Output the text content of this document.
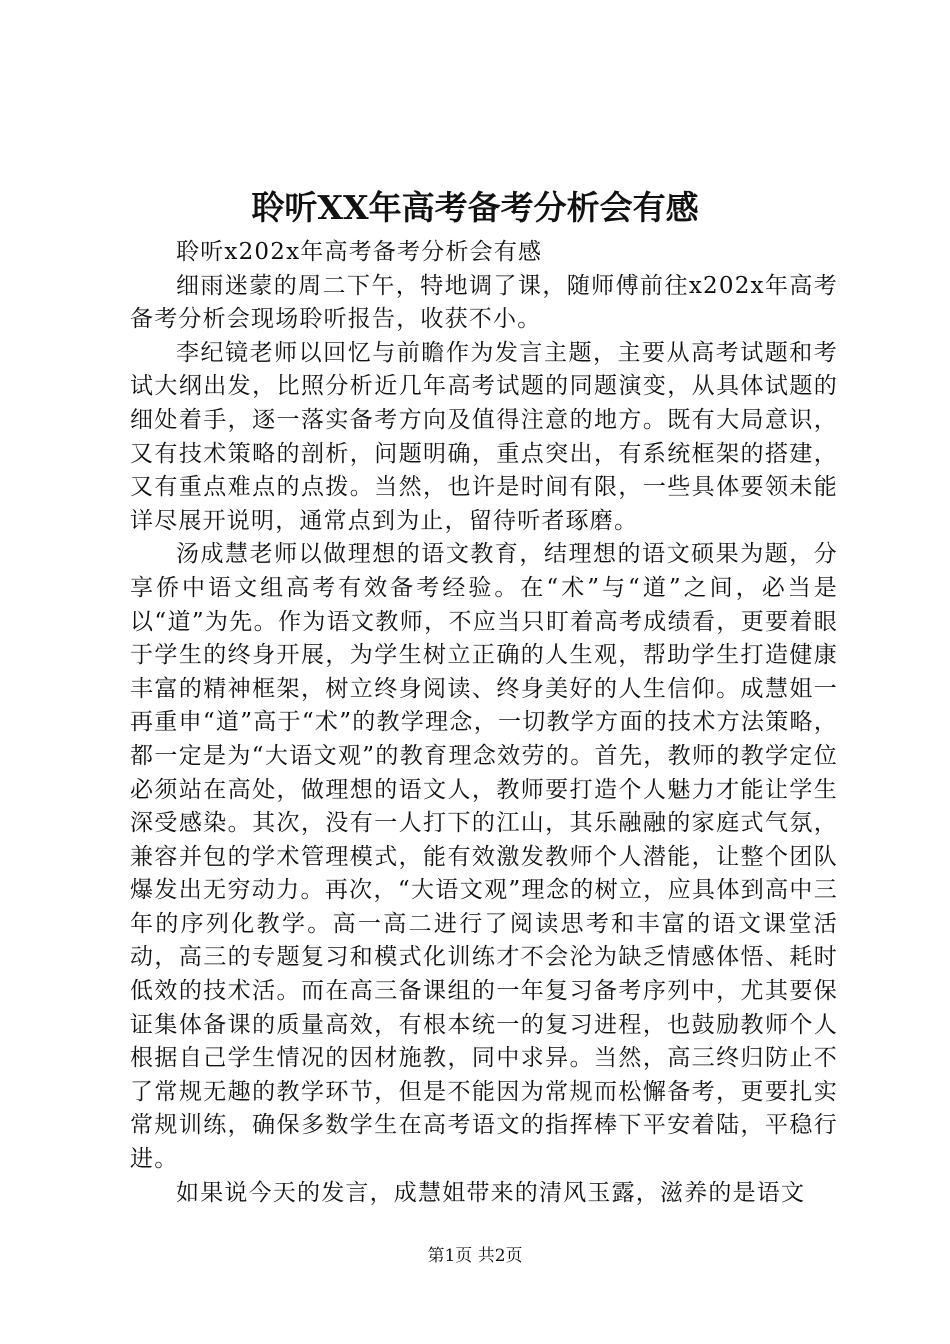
聆听XX年高考备考分析会有感

聆听x202x年高考备考分析会有感

细雨迷蒙的周二下午，特地调了课，随师傅前往x202x年高考备考分析会现场聆听报告，收获不小。

李纪镜老师以回忆与前瞻作为发言主题，主要从高考试题和考试大纲出发，比照分析近几年高考试题的同题演变，从具体试题的细处着手，逐一落实备考方向及值得注意的地方。既有大局意识，又有技术策略的剖析，问题明确，重点突出，有系统框架的搭建，又有重点难点的点拨。当然，也许是时间有限，一些具体要领未能详尽展开说明，通常点到为止，留待听者琢磨。

汤成慧老师以做理想的语文教育，结理想的语文硕果为题，分享侨中语文组高考有效备考经验。在“术”与“道”之间，必当是以“道”为先。作为语文教师，不应当只盯着高考成绩看，更要着眼于学生的终身开展，为学生树立正确的人生观，帮助学生打造健康丰富的精神框架，树立终身阅读、终身美好的人生信仰。成慧姐一再重申“道”高于“术”的教学理念，一切教学方面的技术方法策略，都一定是为“大语文观”的教育理念效劳的。首先，教师的教学定位必须站在高处，做理想的语文人，教师要打造个人魅力才能让学生深受感染。其次，没有一人打下的江山，其乐融融的家庭式气氛，兼容并包的学术管理模式，能有效激发教师个人潜能，让整个团队爆发出无穷动力。再次，“大语文观”理念的树立，应具体到高中三年的序列化教学。高一高二进行了阅读思考和丰富的语文课堂活动，高三的专题复习和模式化训练才不会沦为缺乏情感体悟、耗时低效的技术活。而在高三备课组的一年复习备考序列中，尤其要保证集体备课的质量高效，有根本统一的复习进程，也鼓励教师个人根据自己学生情况的因材施教，同中求异。当然，高三终归防止不了常规无趣的教学环节，但是不能因为常规而松懈备考，更要扎实常规训练，确保多数学生在高考语文的指挥棒下平安着陆，平稳行进。

如果说今天的发言，成慧姐带来的清风玉露，滋养的是语文

第1页 共2页
